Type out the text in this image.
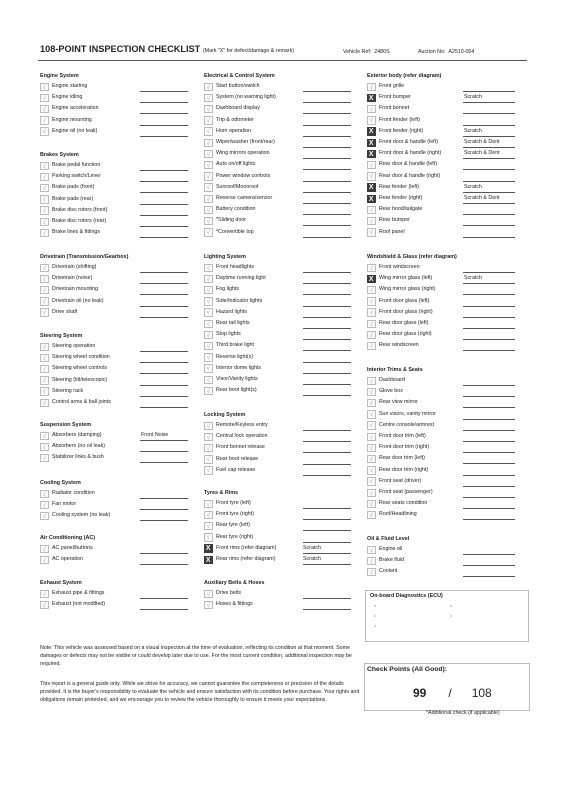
108-POINT INSPECTION CHECKLIST (Mark "X" for defect/damage & remark)	Vehicle Ref: 2480S	Auction No: A2510-004
Engine System
√	Engine starting
√	Engine idling
√	Engine acceleration
√	Engine mounting
√	Engine oil (no leak)
Brakes System
√	Brake pedal function
√	Parking switch/Lever
√	Brake pads (front)
√	Brake pads (rear)
√	Brake disc rotors (front)
√	Brake disc rotors (rear)
√	Brake lines & fittings
Drivetrain (Transmission/Gearbox)
√	Drivetrain (shifting)
√	Drivetrain (noise)
√	Drivetrain mounting
√	Drivetrain oil (no leak)
√	Drive shaft
Steering System
√	Steering operation
√	Steering wheel condition
√	Steering wheel controls
√	Steering (tilt/telescopic)
√	Steering rack
√	Control arms & ball joints
Suspension System
√	Absorbers (damping)	Front Noise
√	Absorbers (no oil leak)
√	Stabilizer links & bush
Cooling System
√	Radiator condition
√	Fan motor
√	Cooling system (no leak)
Air Conditioning (AC)
√	AC panel/buttons
√	AC operation
Exhaust System
√	Exhaust pipe & fittings
√	Exhaust (not modified)
Electrical & Control System
√	Start button/switch
√	System (no warning light)
√	Dashboard display
√	Trip & odometer
√	Horn operation
√	Wiper/washer (front/rear)
√	Wing mirrors operation
√	Auto on/off lights
√	Power window controls
√	Sunroof/Moonroof
√	Reverse camera/sensor
√	Battery condition
√	*Sliding door
√	*Convertible top
Lighting System
√	Front headlights
√	Daytime running light
√	Fog lights
√	Side/Indicator lights
√	Hazard lights
√	Rear tail lights
√	Stop lights
√	Third brake light
√	Reverse light(s)
√	Interior dome lights
√	Visor/Vanity lights
√	Rear boot light(s)
Locking System
√	Remote/Keyless entry
√	Central lock operation
√	Front bonnet release
√	Rear boot release
√	Fuel cap release
Tyres & Rims
√	Front tyre (left)
√	Front tyre (right)
√	Rear tyre (left)
√	Rear tyre (right)
X	Front rims (refer diagram)	Scratch
X	Rear rims (refer diagram)	Scratch
Auxiliary Belts & Hoses
√	Drive belts
√	Hoses & fittings
Exterior body (refer diagram)
√	Front grille
X	Front bumper	Scratch
√	Front bonnet
√	Front fender (left)
X	Front fender (right)	Scratch
X	Front door & handle (left)	Scratch & Dent
X	Front door & handle (right)	Scratch & Dent
√	Rear door & handle (left)
√	Rear door & handle (right)
X	Rear fender (left)	Scratch
X	Rear fender (right)	Scratch & Dent
√	Rear hood/tailgate
√	Rear bumper
√	Roof panel
Windshield & Glass (refer diagram)
√	Front windscreen
X	Wing mirror glass (left)	Scratch
√	Wing mirror glass (right)
√	Front door glass (left)
√	Front door glass (right)
√	Rear door glass (left)
√	Rear door glass (right)
√	Rear windscreen
Interior Trims & Seats
√	Dashboard
√	Glove box
√	Rear view mirror
√	Sun visors, vanity mirror
√	Centre console/armrest
√	Front door trim (left)
√	Front door trim (right)
√	Rear door trim (left)
√	Rear door trim (right)
√	Front seat (driver)
√	Front seat (passenger)
√	Rear seats condition
√	Roof/Headlining
Oil & Fluid Level
√	Engine oil
√	Brake fluid
√	Coolant
On-board Diagnostics (ECU)
Note: This vehicle was assessed based on a visual inspection at the time of evaluation, reflecting its condition at that moment. Some damages or defects may not be visible or could develop later due to use. For the most current condition, additional inspection may be required.
This report is a general guide only. While we strive for accuracy, we cannot guarantee the completeness or precision of the details provided. It is the buyer's responsibility to evaluate the vehicle and ensure satisfaction with its condition before purchase. Your rights and obligations remain protected, and we encourage you to review the vehicle thoroughly to ensure it meets your expectations.
Check Points (All Good):
99 / 108
*Additional check (if applicable)
